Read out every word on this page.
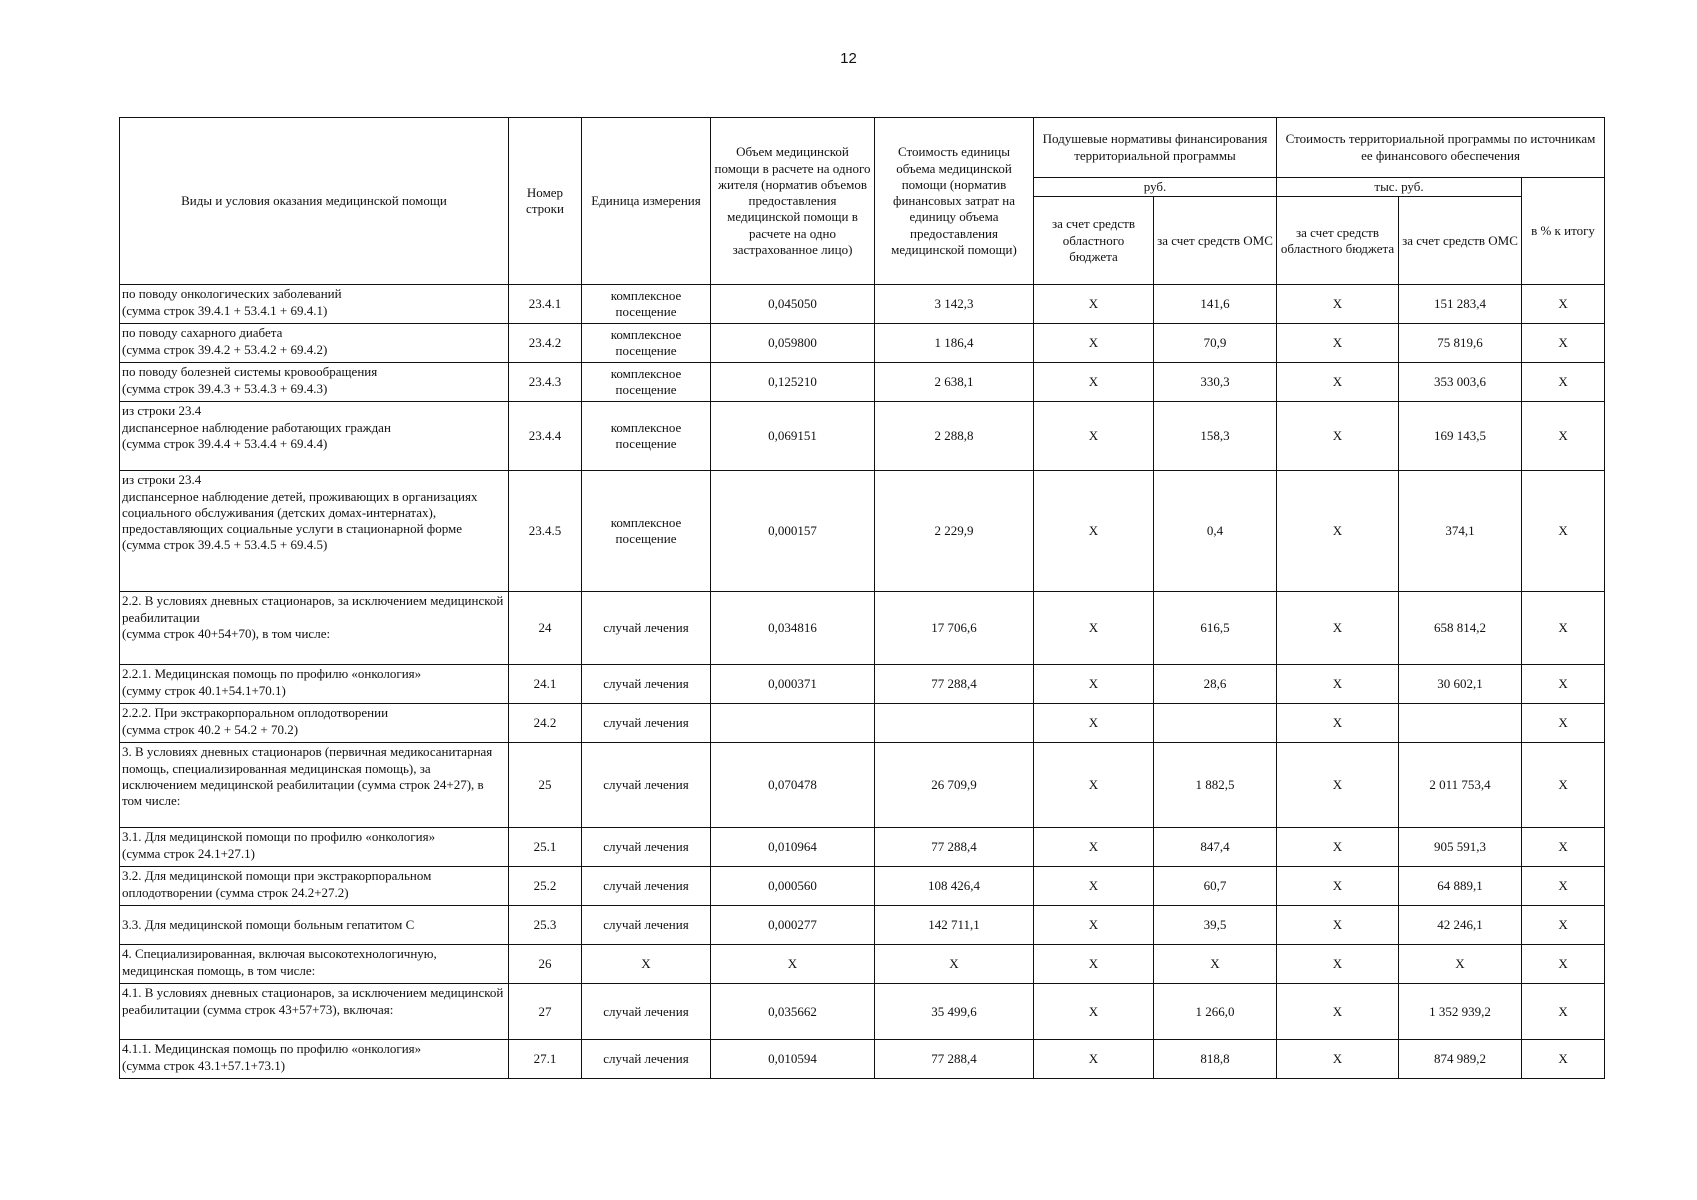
12
Виды и условия оказания медицинской помощи	Номер строки	Единица измерения	Объем медицинской помощи в расчете на одного жителя (норматив объемов предоставления медицинской помощи в расчете на одно застрахованное лицо)	Стоимость единицы объема медицинской помощи (норматив финансовых затрат на единицу объема предоставления медицинской помощи)	Подушевые нормативы финансирования территориальной программы		Стоимость территориальной программы по источникам ее финансового обеспечения		
					руб.		тыс. руб.		в % к итогу
					за счет средств областного бюджета	за счет средств ОМС	за счет средств областного бюджета	за счет средств ОМС	
по поводу онкологических заболеваний
(сумма строк 39.4.1 + 53.4.1 + 69.4.1)	23.4.1	комплексное посещение	0,045050	3 142,3	X	141,6	X	151 283,4	X
по поводу сахарного диабета
(сумма строк 39.4.2 + 53.4.2 + 69.4.2)	23.4.2	комплексное посещение	0,059800	1 186,4	X	70,9	X	75 819,6	X
по поводу болезней системы кровообращения
(сумма строк 39.4.3 + 53.4.3 + 69.4.3)	23.4.3	комплексное посещение	0,125210	2 638,1	X	330,3	X	353 003,6	X
из строки 23.4
диспансерное наблюдение работающих граждан
(сумма строк 39.4.4 + 53.4.4 + 69.4.4)	23.4.4	комплексное посещение	0,069151	2 288,8	X	158,3	X	169 143,5	X
из строки 23.4
диспансерное наблюдение детей, проживающих в организациях социального обслуживания (детских домах-интернатах), предоставляющих социальные услуги в стационарной форме
(сумма строк 39.4.5 + 53.4.5 + 69.4.5)	23.4.5	комплексное посещение	0,000157	2 229,9	X	0,4	X	374,1	X
2.2. В условиях дневных стационаров, за исключением медицинской реабилитации
(сумма строк 40+54+70), в том числе:	24	случай лечения	0,034816	17 706,6	X	616,5	X	658 814,2	X
2.2.1. Медицинская помощь по профилю «онкология»
(сумму строк 40.1+54.1+70.1)	24.1	случай лечения	0,000371	77 288,4	X	28,6	X	30 602,1	X
2.2.2. При экстракорпоральном оплодотворении
(сумма строк 40.2 + 54.2 + 70.2)	24.2	случай лечения			X		X		X
3. В условиях дневных стационаров (первичная медикосанитарная помощь, специализированная медицинская помощь), за исключением медицинской реабилитации (сумма строк 24+27), в том числе:	25	случай лечения	0,070478	26 709,9	X	1 882,5	X	2 011 753,4	X
3.1. Для медицинской помощи по профилю «онкология»
(сумма строк 24.1+27.1)	25.1	случай лечения	0,010964	77 288,4	X	847,4	X	905 591,3	X
3.2. Для медицинской помощи при экстракорпоральном оплодотворении (сумма строк 24.2+27.2)	25.2	случай лечения	0,000560	108 426,4	X	60,7	X	64 889,1	X
3.3. Для медицинской помощи больным гепатитом С	25.3	случай лечения	0,000277	142 711,1	X	39,5	X	42 246,1	X
4. Специализированная, включая высокотехнологичную, медицинская помощь, в том числе:	26	X	X	X	X	X	X	X	X
4.1. В условиях дневных стационаров, за исключением медицинской реабилитации (сумма строк 43+57+73), включая:	27	случай лечения	0,035662	35 499,6	X	1 266,0	X	1 352 939,2	X
4.1.1. Медицинская помощь по профилю «онкология»
(сумма строк 43.1+57.1+73.1)	27.1	случай лечения	0,010594	77 288,4	X	818,8	X	874 989,2	X
